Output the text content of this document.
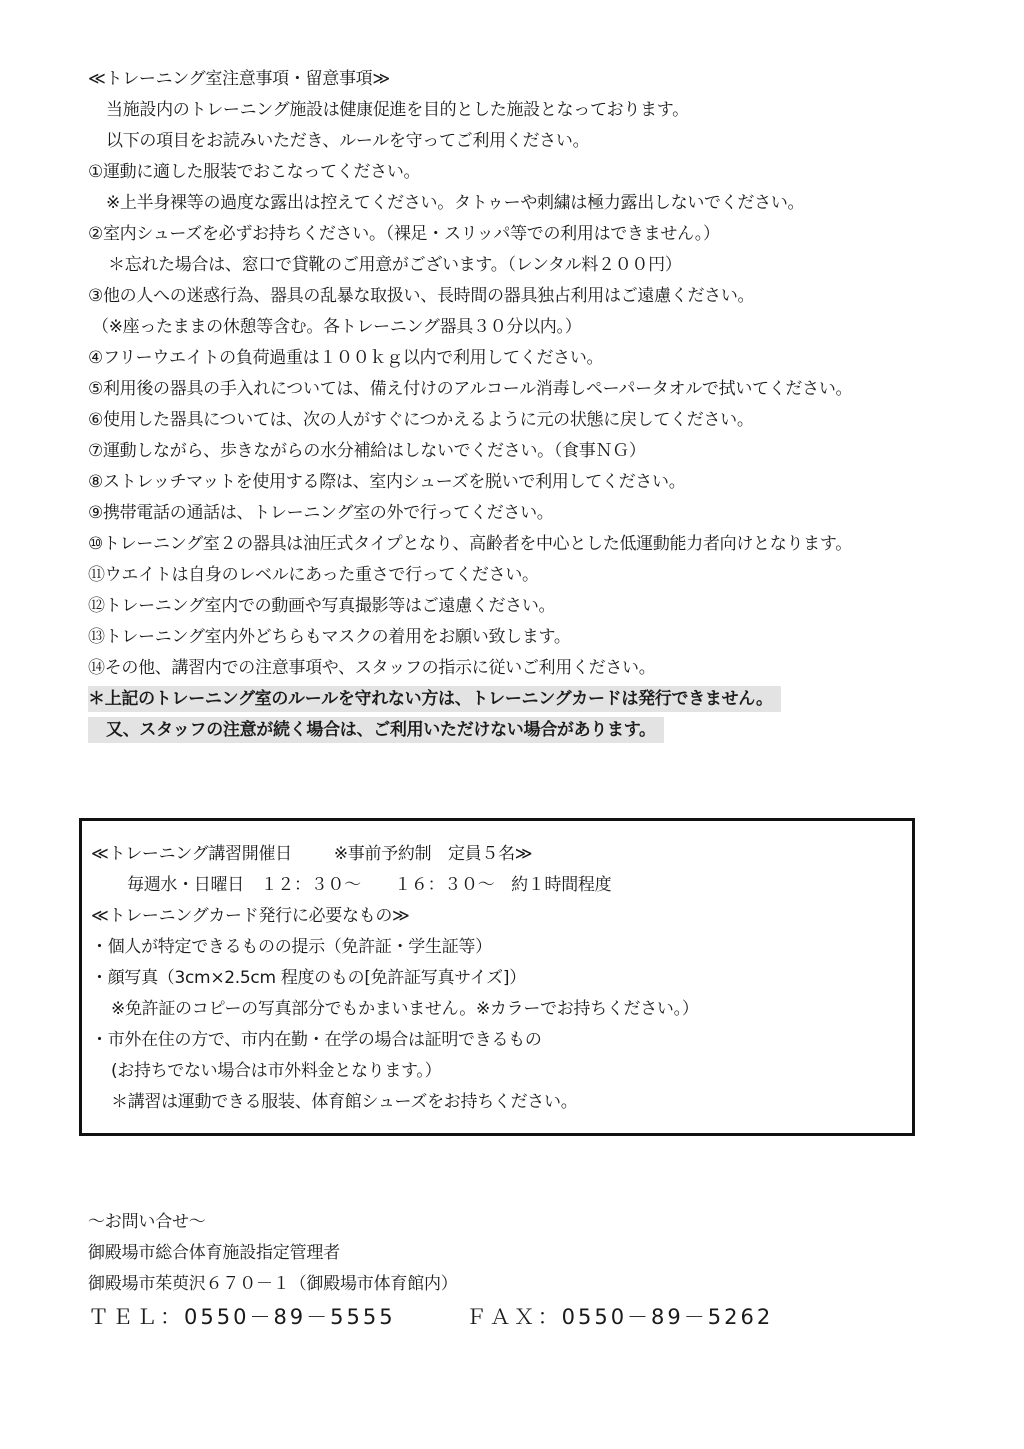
≪トレーニング室注意事項・留意事項≫
当施設内のトレーニング施設は健康促進を目的とした施設となっております。
以下の項目をお読みいただき、ルールを守ってご利用ください。
①運動に適した服装でおこなってください。
※上半身裸等の過度な露出は控えてください。タトゥーや刺繍は極力露出しないでください。
②室内シューズを必ずお持ちください。（裸足・スリッパ等での利用はできません。）
＊忘れた場合は、窓口で貸靴のご用意がございます。（レンタル料２００円）
③他の人への迷惑行為、器具の乱暴な取扱い、長時間の器具独占利用はご遠慮ください。
（※座ったままの休憩等含む。各トレーニング器具３０分以内。）
④フリーウエイトの負荷過重は１００ｋｇ以内で利用してください。
⑤利用後の器具の手入れについては、備え付けのアルコール消毒しペーパータオルで拭いてください。
⑥使用した器具については、次の人がすぐにつかえるように元の状態に戻してください。
⑦運動しながら、歩きながらの水分補給はしないでください。（食事ＮＧ）
⑧ストレッチマットを使用する際は、室内シューズを脱いで利用してください。
⑨携帯電話の通話は、トレーニング室の外で行ってください。
⑩トレーニング室２の器具は油圧式タイプとなり、高齢者を中心とした低運動能力者向けとなります。
⑪ウエイトは自身のレベルにあった重さで行ってください。
⑫トレーニング室内での動画や写真撮影等はご遠慮ください。
⑬トレーニング室内外どちらもマスクの着用をお願い致します。
⑭その他、講習内での注意事項や、スタッフの指示に従いご利用ください。
＊上記のトレーニング室のルールを守れない方は、トレーニングカードは発行できません。
又、スタッフの注意が続く場合は、ご利用いただけない場合があります。
≪トレーニング講習開催日 ※事前予約制　定員５名≫
毎週水・日曜日　１２：３０～　　１６：３０～　約１時間程度
≪トレーニングカード発行に必要なもの≫
・個人が特定できるものの提示（免許証・学生証等）
・顔写真（3cm×2.5cm 程度のもの[免許証写真サイズ]）
※免許証のコピーの写真部分でもかまいません。※カラーでお持ちください。）
・市外在住の方で、市内在勤・在学の場合は証明できるもの
(お持ちでない場合は市外料金となります。）
＊講習は運動できる服装、体育館シューズをお持ちください。
～お問い合せ～
御殿場市総合体育施設指定管理者
御殿場市茱萸沢６７０－１（御殿場市体育館内）
ＴＥＬ：0550－89－5555	ＦＡＸ：0550－89－5262
